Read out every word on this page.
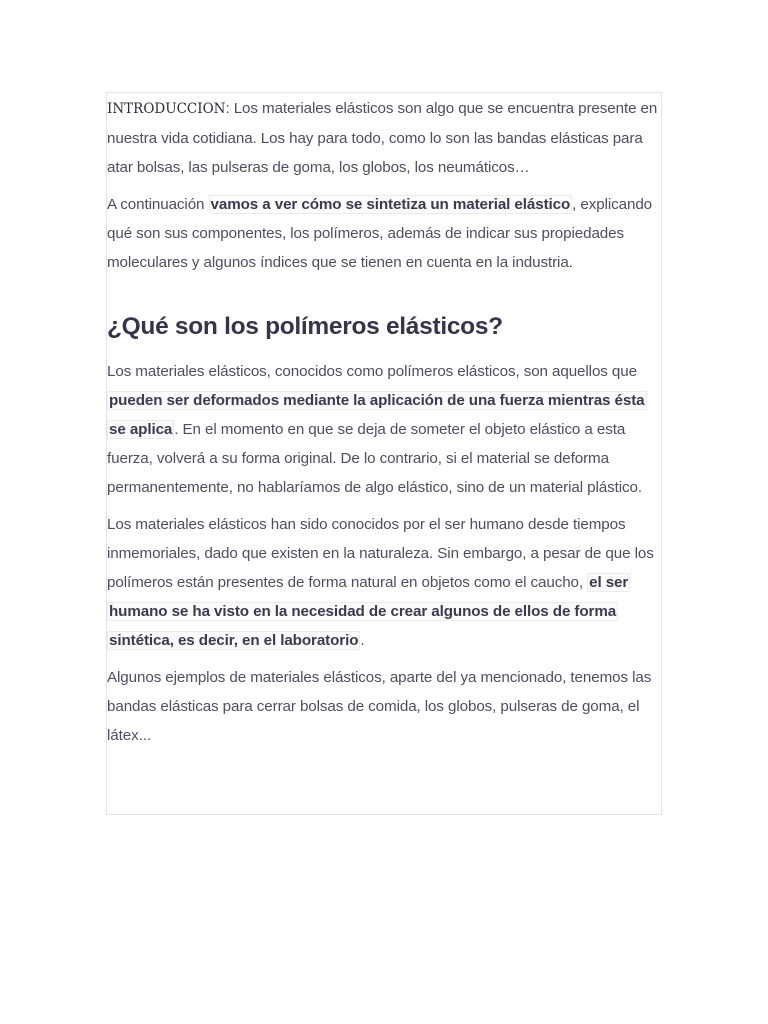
INTRODUCCION: Los materiales elásticos son algo que se encuentra presente en nuestra vida cotidiana. Los hay para todo, como lo son las bandas elásticas para atar bolsas, las pulseras de goma, los globos, los neumáticos…

A continuación vamos a ver cómo se sintetiza un material elástico , explicando qué son sus componentes, los polímeros, además de indicar sus propiedades moleculares y algunos índices que se tienen en cuenta en la industria.

¿Qué son los polímeros elásticos?

Los materiales elásticos, conocidos como polímeros elásticos, son aquellos que pueden ser deformados mediante la aplicación de una fuerza mientras ésta se aplica . En el momento en que se deja de someter el objeto elástico a esta fuerza, volverá a su forma original. De lo contrario, si el material se deforma permanentemente, no hablaríamos de algo elástico, sino de un material plástico.

Los materiales elásticos han sido conocidos por el ser humano desde tiempos inmemoriales, dado que existen en la naturaleza. Sin embargo, a pesar de que los polímeros están presentes de forma natural en objetos como el caucho, el ser humano se ha visto en la necesidad de crear algunos de ellos de forma sintética, es decir, en el laboratorio .

Algunos ejemplos de materiales elásticos, aparte del ya mencionado, tenemos las bandas elásticas para cerrar bolsas de comida, los globos, pulseras de goma, el látex...
